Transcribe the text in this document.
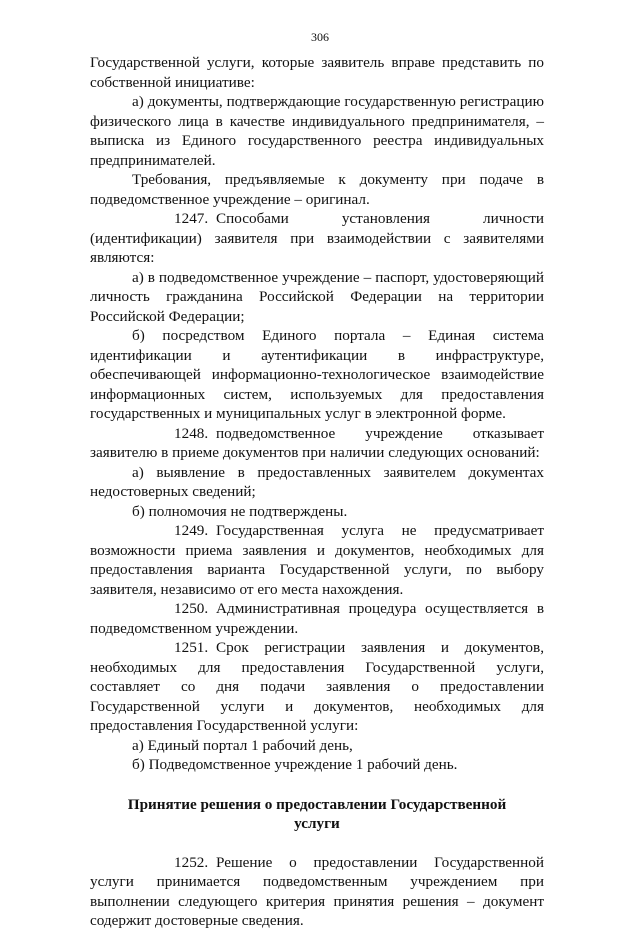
306

Государственной услуги, которые заявитель вправе представить по собственной инициативе:

а) документы, подтверждающие государственную регистрацию физического лица в качестве индивидуального предпринимателя, – выписка из Единого государственного реестра индивидуальных предпринимателей.

Требования, предъявляемые к документу при подаче в подведомственное учреждение – оригинал.

1247. Способами установления личности (идентификации) заявителя при взаимодействии с заявителями являются:

а) в подведомственное учреждение – паспорт, удостоверяющий личность гражданина Российской Федерации на территории Российской Федерации;

б) посредством Единого портала – Единая система идентификации и аутентификации в инфраструктуре, обеспечивающей информационно-технологическое взаимодействие информационных систем, используемых для предоставления государственных и муниципальных услуг в электронной форме.

1248. подведомственное учреждение отказывает заявителю в приеме документов при наличии следующих оснований:

а) выявление в предоставленных заявителем документах недостоверных сведений;

б) полномочия не подтверждены.

1249. Государственная услуга не предусматривает возможности приема заявления и документов, необходимых для предоставления варианта Государственной услуги, по выбору заявителя, независимо от его места нахождения.

1250. Административная процедура осуществляется в подведомственном учреждении.

1251. Срок регистрации заявления и документов, необходимых для предоставления Государственной услуги, составляет со дня подачи заявления о предоставлении Государственной услуги и документов, необходимых для предоставления Государственной услуги:

а) Единый портал 1 рабочий день,

б) Подведомственное учреждение 1 рабочий день.

Принятие решения о предоставлении Государственной услуги

1252. Решение о предоставлении Государственной услуги принимается подведомственным учреждением при выполнении следующего критерия принятия решения – документ содержит достоверные сведения.
